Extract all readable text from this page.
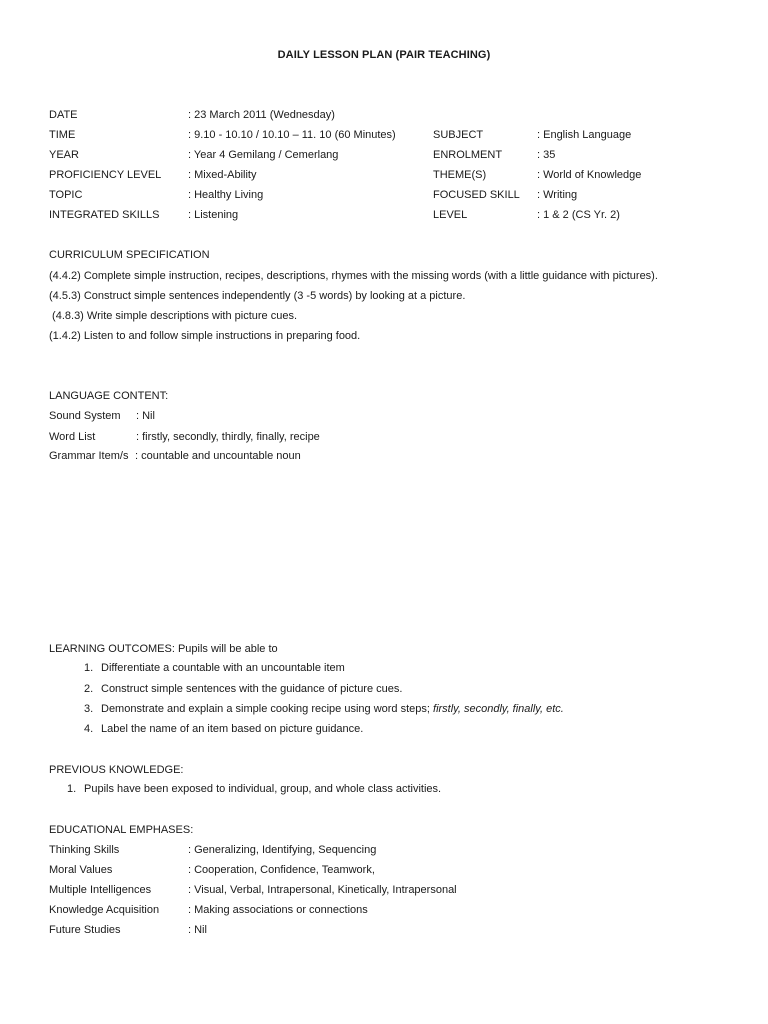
DAILY LESSON PLAN (PAIR TEACHING)
DATE	: 23 March 2011 (Wednesday)
TIME	: 9.10 - 10.10 / 10.10 – 11. 10 (60 Minutes)	SUBJECT	: English Language
YEAR	: Year 4 Gemilang / Cemerlang	ENROLMENT	: 35
PROFICIENCY LEVEL : Mixed-Ability	THEME(S)	: World of Knowledge
TOPIC	: Healthy Living	FOCUSED SKILL : Writing
INTEGRATED SKILLS	: Listening	LEVEL	: 1 & 2 (CS Yr. 2)
CURRICULUM SPECIFICATION
(4.4.2) Complete simple instruction, recipes, descriptions, rhymes with the missing words (with a little guidance with pictures).
(4.5.3) Construct simple sentences independently (3 -5 words) by looking at a picture.
(4.8.3) Write simple descriptions with picture cues.
(1.4.2) Listen to and follow simple instructions in preparing food.
LANGUAGE CONTENT:
Sound System : Nil
Word List	: firstly, secondly, thirdly, finally, recipe
Grammar Item/s : countable and uncountable noun
LEARNING OUTCOMES: Pupils will be able to
1. Differentiate a countable with an uncountable item
2. Construct simple sentences with the guidance of picture cues.
3. Demonstrate and explain a simple cooking recipe using word steps; firstly, secondly, finally, etc.
4. Label the name of an item based on picture guidance.
PREVIOUS KNOWLEDGE:
1. Pupils have been exposed to individual, group, and whole class activities.
EDUCATIONAL EMPHASES:
Thinking Skills	: Generalizing, Identifying, Sequencing
Moral Values	: Cooperation, Confidence, Teamwork,
Multiple Intelligences	: Visual, Verbal, Intrapersonal, Kinetically, Intrapersonal
Knowledge Acquisition	: Making associations or connections
Future Studies	: Nil
